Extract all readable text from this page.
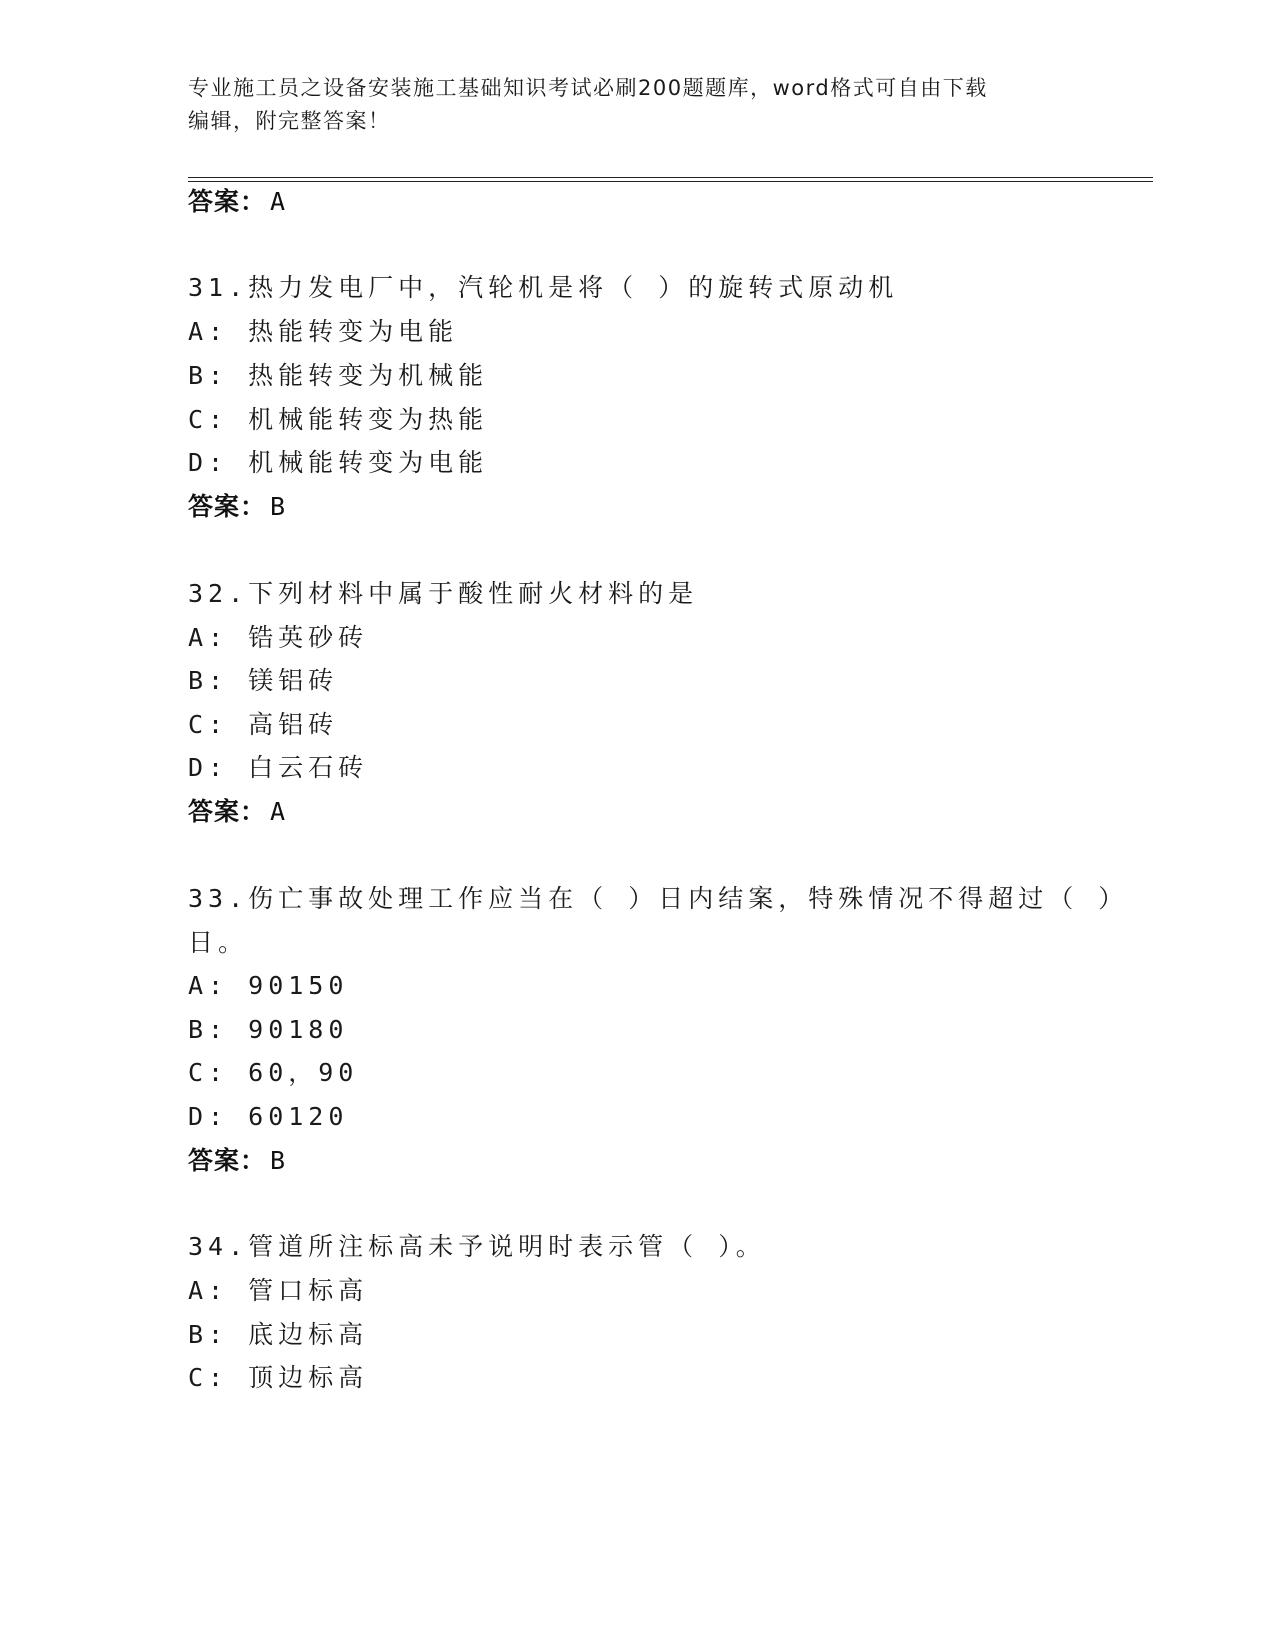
专业施工员之设备安装施工基础知识考试必刷200题题库，word格式可自由下载
编辑，附完整答案！
答案： A
31.热力发电厂中，汽轮机是将（ ）的旋转式原动机
A: 热能转变为电能
B: 热能转变为机械能
C: 机械能转变为热能
D: 机械能转变为电能
答案： B
32.下列材料中属于酸性耐火材料的是
A: 锆英砂砖
B: 镁铝砖
C: 高铝砖
D: 白云石砖
答案： A
33.伤亡事故处理工作应当在（ ）日内结案，特殊情况不得超过（ ）
日。
A: 90150
B: 90180
C: 60，90
D: 60120
答案： B
34.管道所注标高未予说明时表示管（ ）。
A: 管口标高
B: 底边标高
C: 顶边标高
